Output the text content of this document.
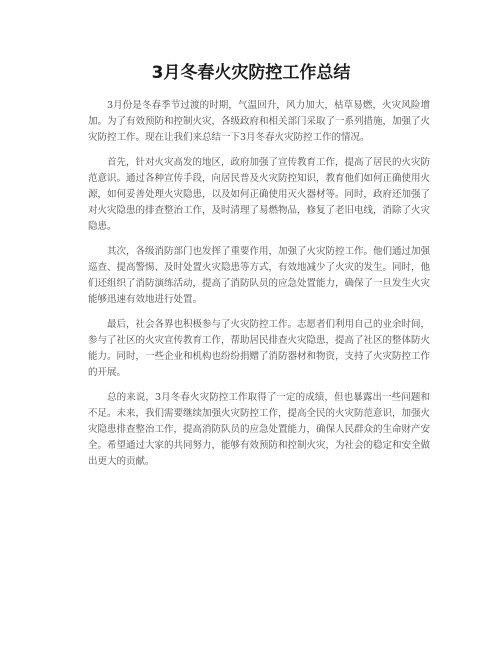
3月冬春火灾防控工作总结

3月份是冬春季节过渡的时期，气温回升，风力加大，枯草易燃，火灾风险增加。为了有效预防和控制火灾，各级政府和相关部门采取了一系列措施，加强了火灾防控工作。现在让我们来总结一下3月冬春火灾防控工作的情况。

首先，针对火灾高发的地区，政府加强了宣传教育工作，提高了居民的火灾防范意识。通过各种宣传手段，向居民普及火灾防控知识，教育他们如何正确使用火源，如何妥善处理火灾隐患，以及如何正确使用灭火器材等。同时，政府还加强了对火灾隐患的排查整治工作，及时清理了易燃物品，修复了老旧电线，消除了火灾隐患。

其次，各级消防部门也发挥了重要作用，加强了火灾防控工作。他们通过加强巡查、提高警惕、及时处置火灾隐患等方式，有效地减少了火灾的发生。同时，他们还组织了消防演练活动，提高了消防队员的应急处置能力，确保了一旦发生火灾能够迅速有效地进行处置。

最后，社会各界也积极参与了火灾防控工作。志愿者们利用自己的业余时间，参与了社区的火灾宣传教育工作，帮助居民排查火灾隐患，提高了社区的整体防火能力。同时，一些企业和机构也纷纷捐赠了消防器材和物资，支持了火灾防控工作的开展。

总的来说，3月冬春火灾防控工作取得了一定的成绩，但也暴露出一些问题和不足。未来，我们需要继续加强火灾防控工作，提高全民的火灾防范意识，加强火灾隐患排查整治工作，提高消防队员的应急处置能力，确保人民群众的生命财产安全。希望通过大家的共同努力，能够有效预防和控制火灾，为社会的稳定和安全做出更大的贡献。
